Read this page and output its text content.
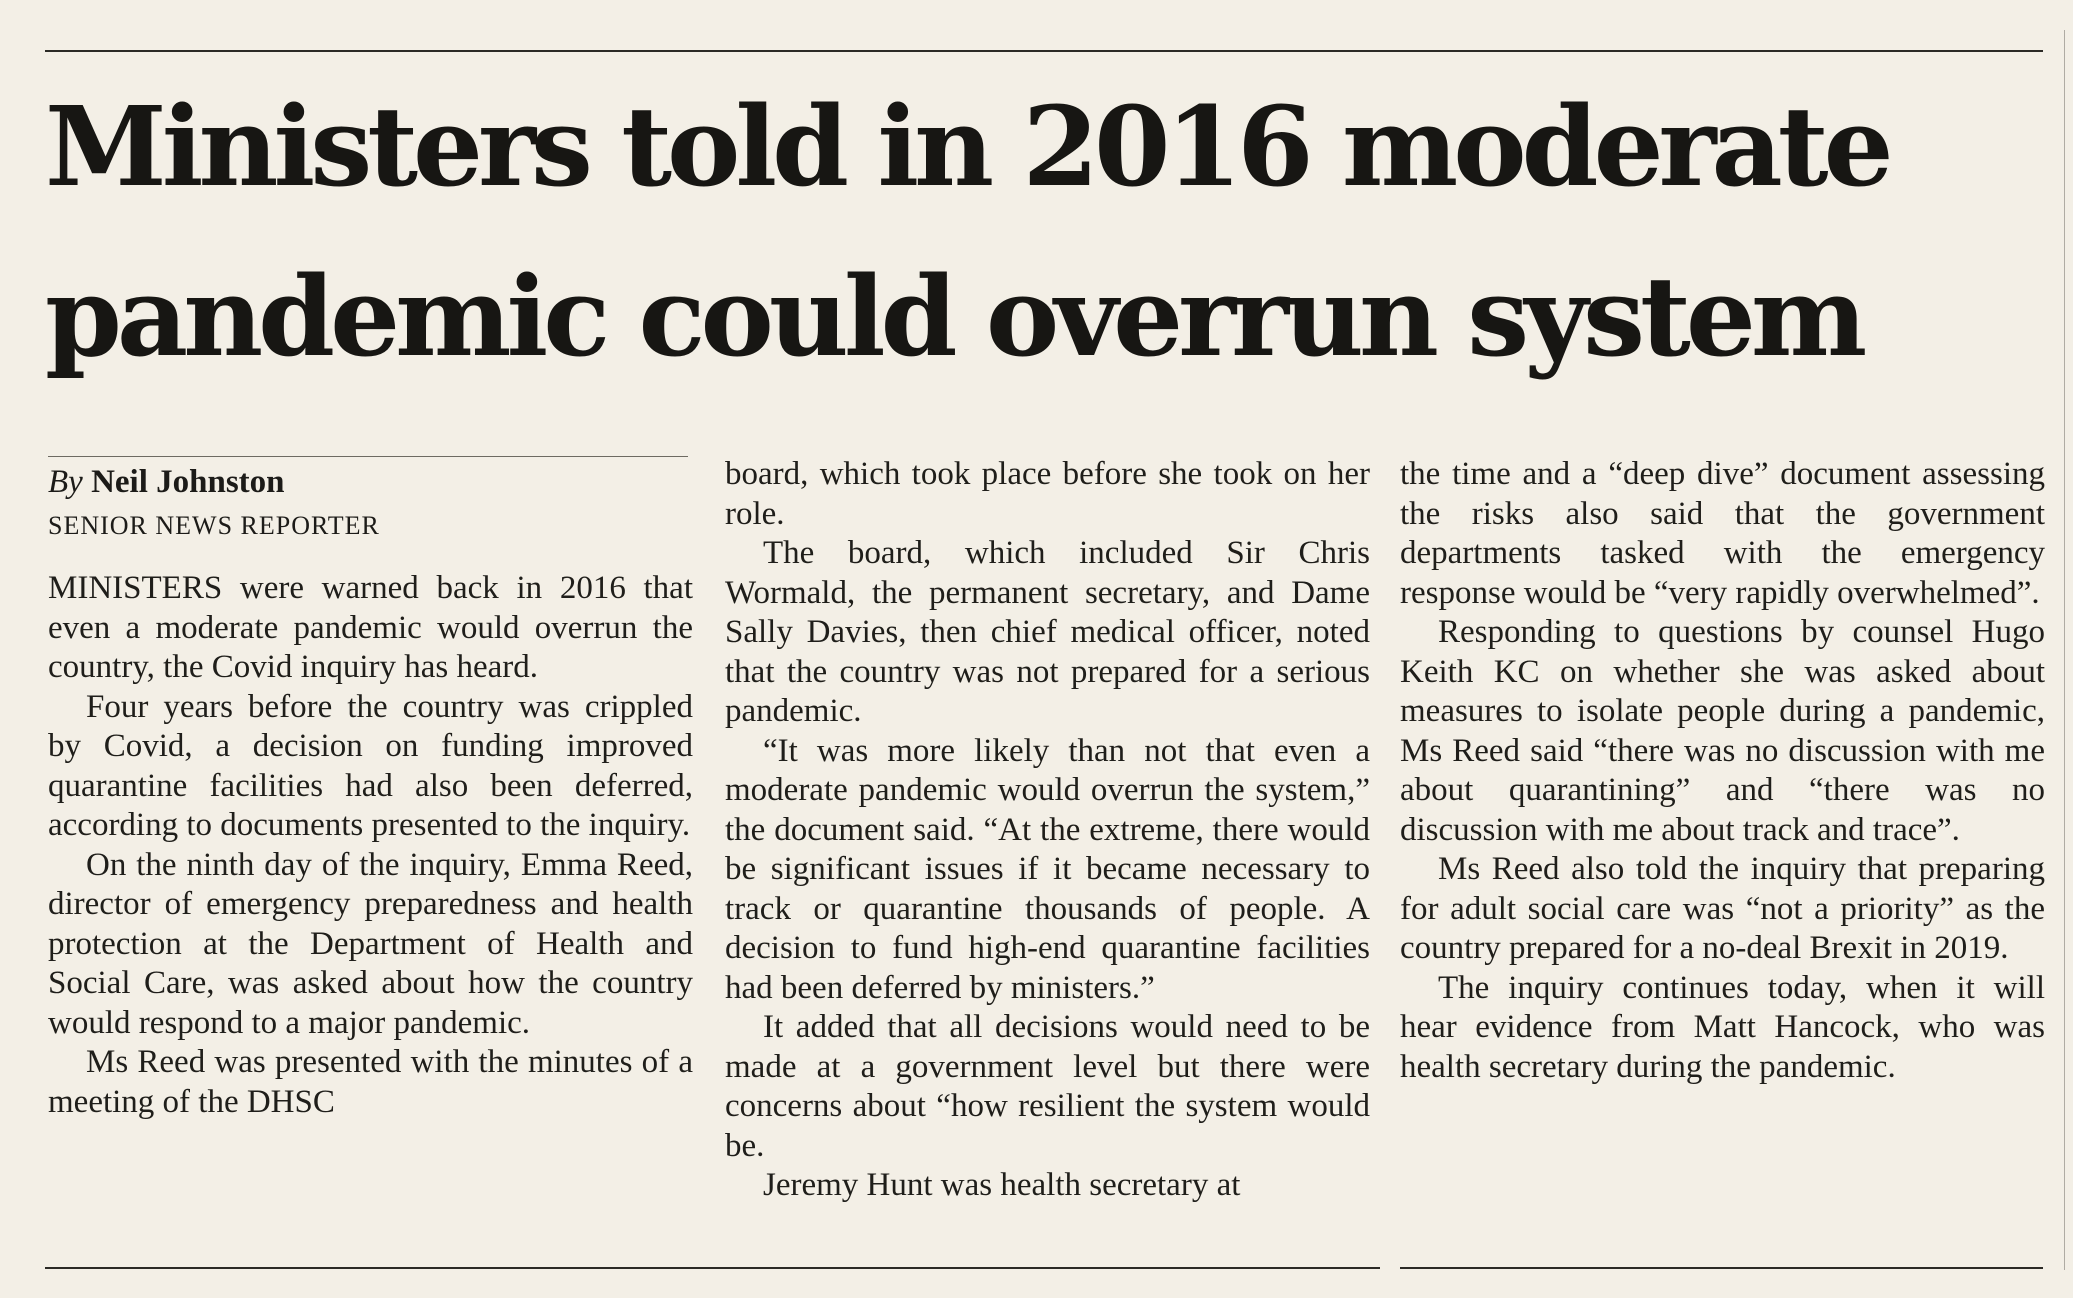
Ministers told in 2016 moderate
pandemic could overrun system
By Neil Johnston
SENIOR NEWS REPORTER

MINISTERS were warned back in 2016 that even a moderate pandemic would overrun the country, the Covid inquiry has heard.

Four years before the country was crippled by Covid, a decision on funding improved quarantine facilities had also been deferred, according to documents presented to the inquiry.

On the ninth day of the inquiry, Emma Reed, director of emergency preparedness and health protection at the Department of Health and Social Care, was asked about how the country would respond to a major pandemic.

Ms Reed was presented with the minutes of a meeting of the DHSC

board, which took place before she took on her role.

The board, which included Sir Chris Wormald, the permanent secretary, and Dame Sally Davies, then chief medical officer, noted that the country was not prepared for a serious pandemic.

“It was more likely than not that even a moderate pandemic would overrun the system,” the document said. “At the extreme, there would be significant issues if it became necessary to track or quarantine thousands of people. A decision to fund high-end quarantine facilities had been deferred by ministers.”

It added that all decisions would need to be made at a government level but there were concerns about “how resilient the system would be.

Jeremy Hunt was health secretary at

the time and a “deep dive” document assessing the risks also said that the government departments tasked with the emergency response would be “very rapidly overwhelmed”.

Responding to questions by counsel Hugo Keith KC on whether she was asked about measures to isolate people during a pandemic, Ms Reed said “there was no discussion with me about quarantining” and “there was no discussion with me about track and trace”.

Ms Reed also told the inquiry that preparing for adult social care was “not a priority” as the country prepared for a no-deal Brexit in 2019.

The inquiry continues today, when it will hear evidence from Matt Hancock, who was health secretary during the pandemic.
